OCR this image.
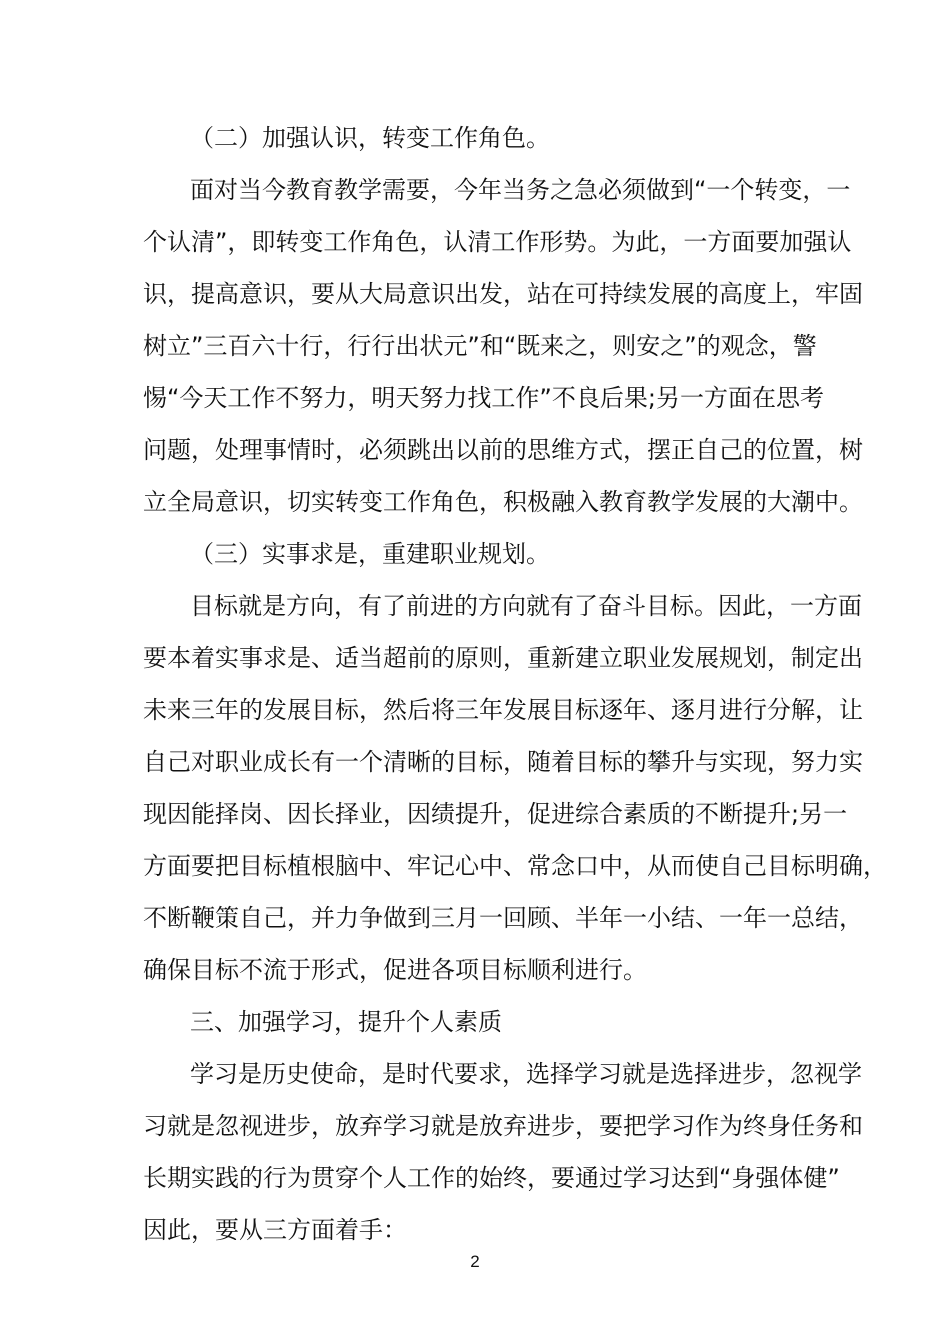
（二）加强认识，转变工作角色。
面对当今教育教学需要，今年当务之急必须做到“一个转变，一
个认清”，即转变工作角色，认清工作形势。为此，一方面要加强认
识，提高意识，要从大局意识出发，站在可持续发展的高度上，牢固
树立”三百六十行，行行出状元”和“既来之，则安之”的观念，警
惕“今天工作不努力，明天努力找工作”不良后果;另一方面在思考
问题，处理事情时，必须跳出以前的思维方式，摆正自己的位置，树
立全局意识，切实转变工作角色，积极融入教育教学发展的大潮中。
（三）实事求是，重建职业规划。
目标就是方向，有了前进的方向就有了奋斗目标。因此，一方面
要本着实事求是、适当超前的原则，重新建立职业发展规划，制定出
未来三年的发展目标，然后将三年发展目标逐年、逐月进行分解，让
自己对职业成长有一个清晰的目标，随着目标的攀升与实现，努力实
现因能择岗、因长择业，因绩提升，促进综合素质的不断提升;另一
方面要把目标植根脑中、牢记心中、常念口中，从而使自己目标明确，
不断鞭策自己，并力争做到三月一回顾、半年一小结、一年一总结，
确保目标不流于形式，促进各项目标顺利进行。
三、加强学习，提升个人素质
学习是历史使命，是时代要求，选择学习就是选择进步，忽视学
习就是忽视进步，放弃学习就是放弃进步，要把学习作为终身任务和
长期实践的行为贯穿个人工作的始终，要通过学习达到“身强体健”
因此，要从三方面着手：
2
